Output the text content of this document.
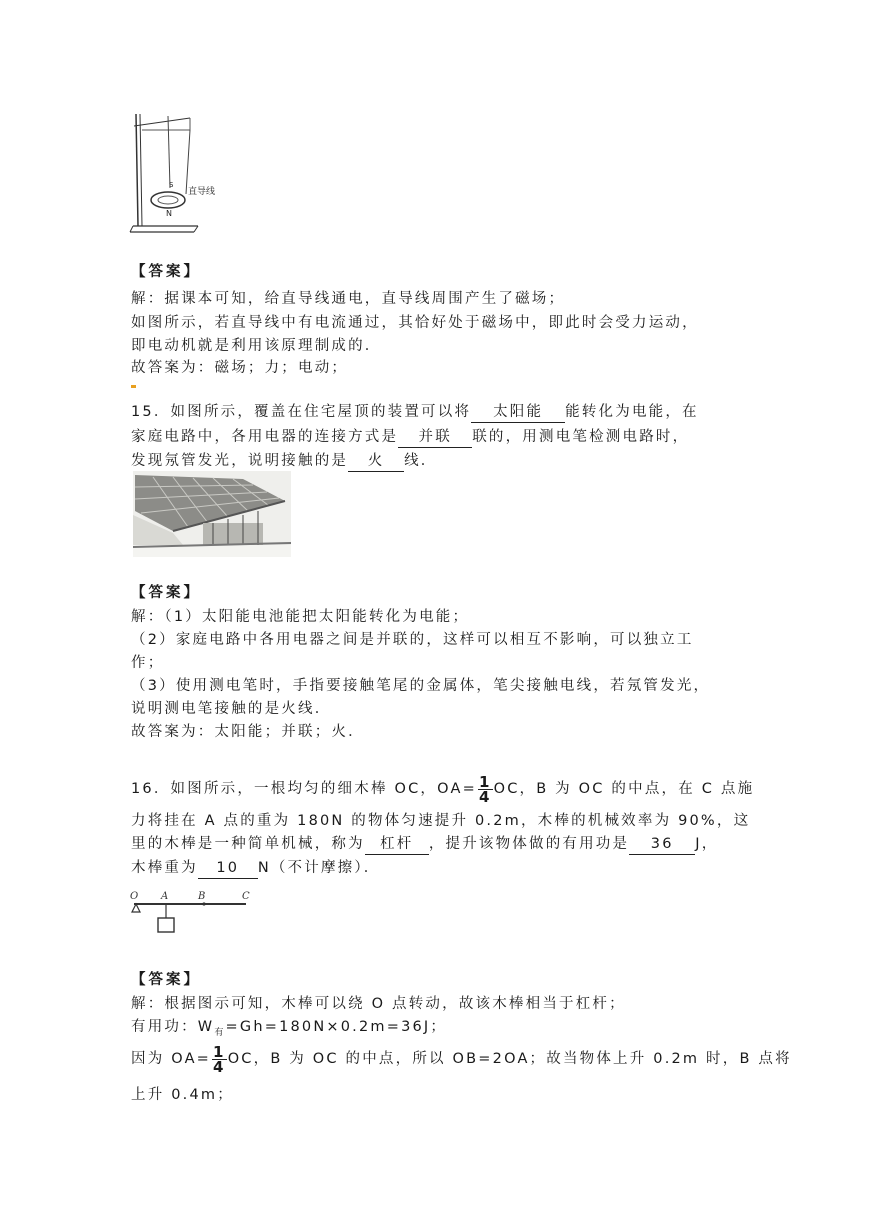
S
直导线
N
【答案】
解：据课本可知，给直导线通电，直导线周围产生了磁场；
如图所示，若直导线中有电流通过，其恰好处于磁场中，即此时会受力运动，
即电动机就是利用该原理制成的．
故答案为：磁场；力；电动；
15．如图所示，覆盖在住宅屋顶的装置可以将 太阳能 能转化为电能，在
家庭电路中，各用电器的连接方式是 并联 联的，用测电笔检测电路时，
发现氖管发光，说明接触的是 火 线．
【答案】
解：（1）太阳能电池能把太阳能转化为电能；
（2）家庭电路中各用电器之间是并联的，这样可以相互不影响，可以独立工
作；
（3）使用测电笔时，手指要接触笔尾的金属体，笔尖接触电线，若氖管发光，
说明测电笔接触的是火线．
故答案为：太阳能；并联；火．
16．如图所示，一根均匀的细木棒 OC，$OA= \frac{1}{4}$ OC，B 为 OC 的中点，在 C 点施
力将挂在 A 点的重为 180N 的物体匀速提升 0.2m，木棒的机械效率为 90%，这
里的木棒是一种简单机械，称为 杠杆 ，提升该物体做的有用功是 36 J，
木棒重为 10 N（不计摩擦）．
O A	B	C
【答案】
解：根据图示可知，木棒可以绕 O 点转动，故该木棒相当于杠杆；
有用功：$W_有=Gh=180N\times 0.2m=36J$；
因为 $OA= \frac{1}{4}$ OC，B 为 OC 的中点，所以 OB=2OA；故当物体上升 0.2m 时，B 点将
上升 0.4m；
